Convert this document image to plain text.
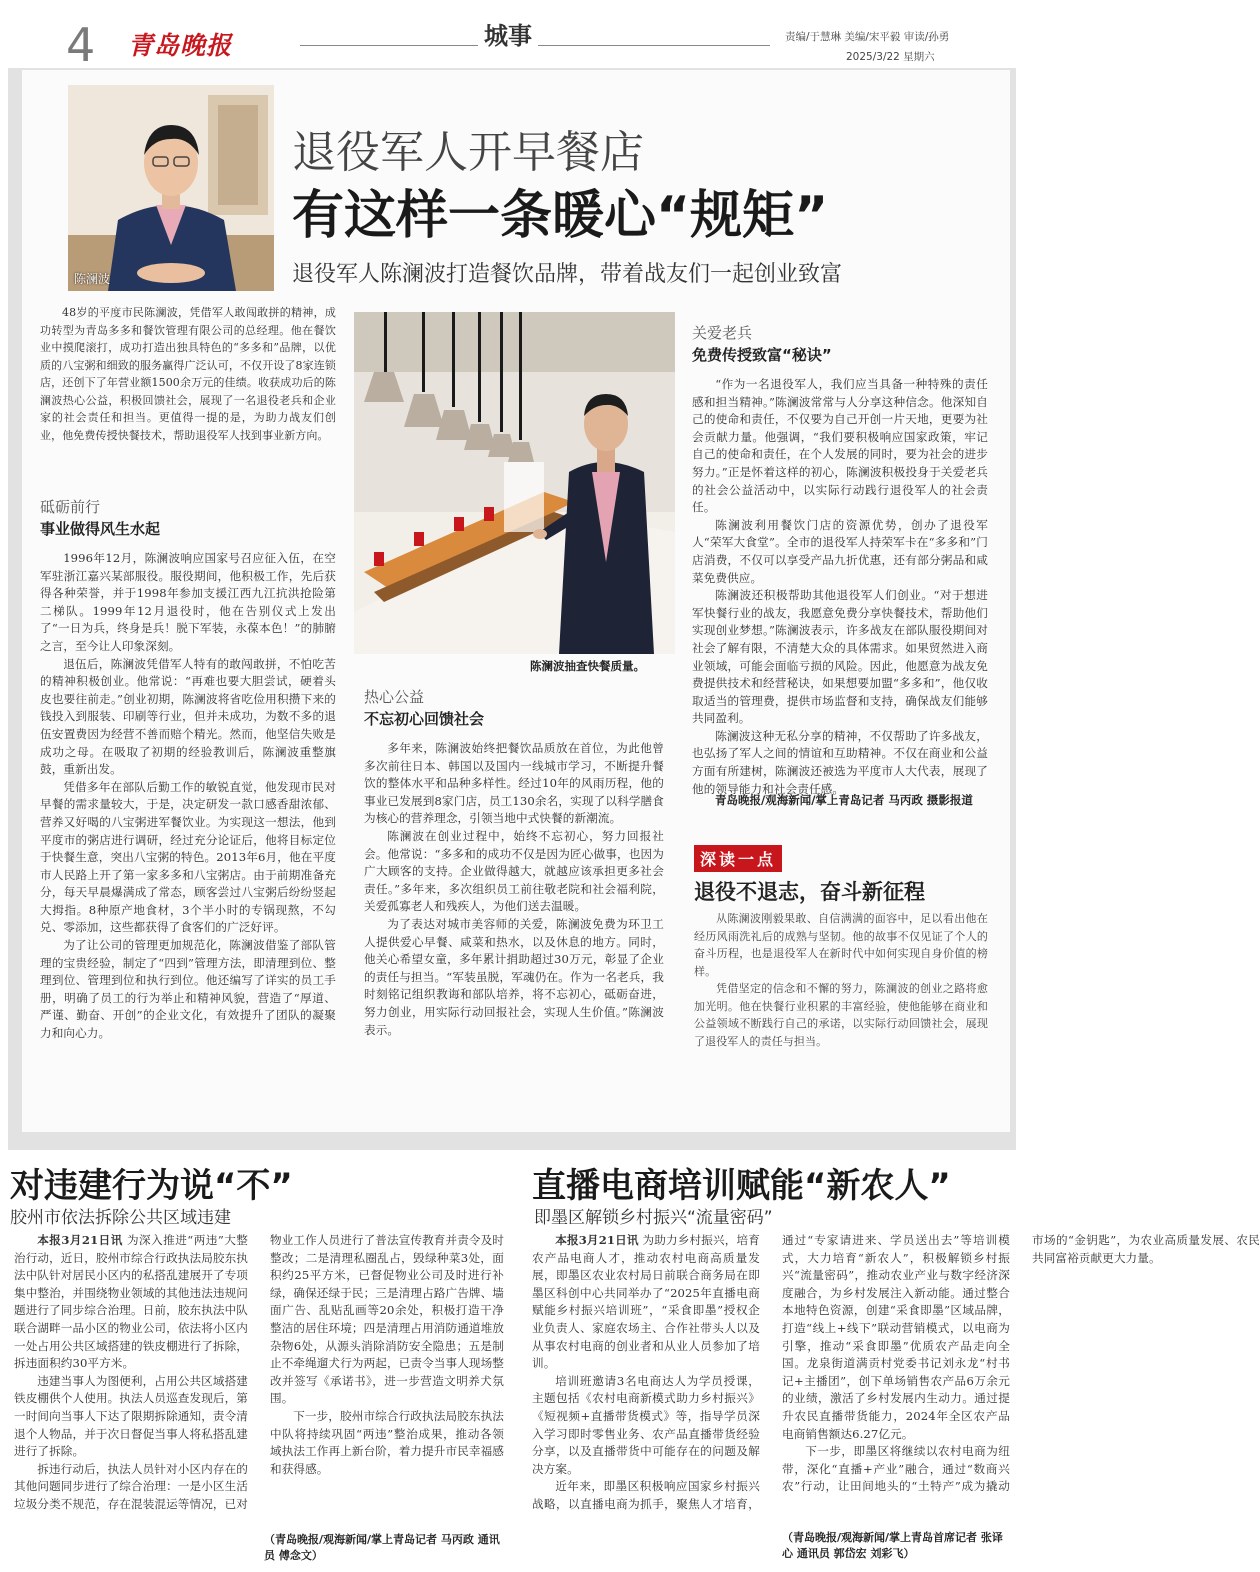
4 青岛晚报	城事	责编/于慧琳 美编/宋平毅 审读/孙勇
2025/3/22 星期六
陈澜波
退役军人开早餐店
有这样一条暖心“规矩”
退役军人陈澜波打造餐饮品牌，带着战友们一起创业致富

48岁的平度市民陈澜波，凭借军人敢闯敢拼的精神，成功转型为青岛多多和餐饮管理有限公司的总经理。他在餐饮业中摸爬滚打，成功打造出独具特色的“多多和”品牌，以优质的八宝粥和细致的服务赢得广泛认可，不仅开设了8家连锁店，还创下了年营业额1500余万元的佳绩。收获成功后的陈澜波热心公益，积极回馈社会，展现了一名退役老兵和企业家的社会责任和担当。更值得一提的是，为助力战友们创业，他免费传授快餐技术，帮助退役军人找到事业新方向。

砥砺前行
事业做得风生水起

1996年12月，陈澜波响应国家号召应征入伍，在空军驻浙江嘉兴某部服役。服役期间，他积极工作，先后获得各种荣誉，并于1998年参加支援江西九江抗洪抢险第二梯队。1999年12月退役时，他在告别仪式上发出了“一日为兵，终身是兵！脱下军装，永葆本色！”的肺腑之言，至今让人印象深刻。

退伍后，陈澜波凭借军人特有的敢闯敢拼，不怕吃苦的精神积极创业。他常说：“再难也要大胆尝试，硬着头皮也要往前走。”创业初期，陈澜波将省吃俭用积攒下来的钱投入到服装、印刷等行业，但并未成功，为数不多的退伍安置费因为经营不善而赔个精光。然而，他坚信失败是成功之母。在吸取了初期的经验教训后，陈澜波重整旗鼓，重新出发。

凭借多年在部队后勤工作的敏锐直觉，他发现市民对早餐的需求量较大，于是，决定研发一款口感香甜浓郁、营养又好喝的八宝粥进军餐饮业。为实现这一想法，他到平度市的粥店进行调研，经过充分论证后，他将目标定位于快餐生意，突出八宝粥的特色。2013年6月，他在平度市人民路上开了第一家多多和八宝粥店。由于前期准备充分，每天早晨爆满成了常态，顾客尝过八宝粥后纷纷竖起大拇指。8种原产地食材，3个半小时的专锅现熬，不勾兑、零添加，这些都获得了食客们的广泛好评。

为了让公司的管理更加规范化，陈澜波借鉴了部队管理的宝贵经验，制定了“四到”管理方法，即清理到位、整理到位、管理到位和执行到位。他还编写了详实的员工手册，明确了员工的行为举止和精神风貌，营造了“厚道、严谨、勤奋、开创”的企业文化，有效提升了团队的凝聚力和向心力。

陈澜波抽查快餐质量。
热心公益
不忘初心回馈社会

多年来，陈澜波始终把餐饮品质放在首位，为此他曾多次前往日本、韩国以及国内一线城市学习，不断提升餐饮的整体水平和品种多样性。经过10年的风雨历程，他的事业已发展到8家门店，员工130余名，实现了以科学膳食为核心的营养理念，引领当地中式快餐的新潮流。

陈澜波在创业过程中，始终不忘初心，努力回报社会。他常说：“多多和的成功不仅是因为匠心做事，也因为广大顾客的支持。企业做得越大，就越应该承担更多社会责任。”多年来，多次组织员工前往敬老院和社会福利院，关爱孤寡老人和残疾人，为他们送去温暖。

为了表达对城市美容师的关爱，陈澜波免费为环卫工人提供爱心早餐、咸菜和热水，以及休息的地方。同时，他关心希望女童，多年累计捐助超过30万元，彰显了企业的责任与担当。“军装虽脱，军魂仍在。作为一名老兵，我时刻铭记组织教诲和部队培养，将不忘初心，砥砺奋进，努力创业，用实际行动回报社会，实现人生价值。”陈澜波表示。

关爱老兵
免费传授致富“秘诀”

“作为一名退役军人，我们应当具备一种特殊的责任感和担当精神。”陈澜波常常与人分享这种信念。他深知自己的使命和责任，不仅要为自己开创一片天地，更要为社会贡献力量。他强调，“我们要积极响应国家政策，牢记自己的使命和责任，在个人发展的同时，要为社会的进步努力。”正是怀着这样的初心，陈澜波积极投身于关爱老兵的社会公益活动中，以实际行动践行退役军人的社会责任。

陈澜波利用餐饮门店的资源优势，创办了退役军人“荣军大食堂”。全市的退役军人持荣军卡在“多多和”门店消费，不仅可以享受产品九折优惠，还有部分粥品和咸菜免费供应。

陈澜波还积极帮助其他退役军人们创业。“对于想进军快餐行业的战友，我愿意免费分享快餐技术，帮助他们实现创业梦想。”陈澜波表示，许多战友在部队服役期间对社会了解有限，不清楚大众的具体需求。如果贸然进入商业领域，可能会面临亏损的风险。因此，他愿意为战友免费提供技术和经营秘诀，如果想要加盟“多多和”，他仅收取适当的管理费，提供市场监督和支持，确保战友们能够共同盈利。

陈澜波这种无私分享的精神，不仅帮助了许多战友，也弘扬了军人之间的情谊和互助精神。不仅在商业和公益方面有所建树，陈澜波还被选为平度市人大代表，展现了他的领导能力和社会责任感。

青岛晚报/观海新闻/掌上青岛记者 马丙政 摄影报道
深读一点
退役不退志，奋斗新征程

从陈澜波刚毅果敢、自信满满的面容中，足以看出他在经历风雨洗礼后的成熟与坚韧。他的故事不仅见证了个人的奋斗历程，也是退役军人在新时代中如何实现自身价值的榜样。

凭借坚定的信念和不懈的努力，陈澜波的创业之路将愈加光明。他在快餐行业积累的丰富经验，使他能够在商业和公益领域不断践行自己的承诺，以实际行动回馈社会，展现了退役军人的责任与担当。

对违建行为说“不”
胶州市依法拆除公共区域违建

本报3月21日讯 为深入推进“两违”大整治行动，近日，胶州市综合行政执法局胶东执法中队针对居民小区内的私搭乱建展开了专项集中整治，并围绕物业领域的其他违法违规问题进行了同步综合治理。日前，胶东执法中队联合湖畔一品小区的物业公司，依法将小区内一处占用公共区域搭建的铁皮棚进行了拆除，拆违面积约30平方米。

违建当事人为图便利，占用公共区域搭建铁皮棚供个人使用。执法人员巡查发现后，第一时间向当事人下达了限期拆除通知，责令清退个人物品，并于次日督促当事人将私搭乱建进行了拆除。

拆违行动后，执法人员针对小区内存在的其他问题同步进行了综合治理：一是小区生活垃圾分类不规范，存在混装混运等情况，已对物业工作人员进行了普法宣传教育并责令及时整改；二是清理私圈乱占，毁绿种菜3处，面积约25平方米，已督促物业公司及时进行补绿，确保还绿于民；三是清理占路广告牌、墙面广告、乱贴乱画等20余处，积极打造干净整洁的居住环境；四是清理占用消防通道堆放杂物6处，从源头消除消防安全隐患；五是制止不牵绳遛犬行为两起，已责令当事人现场整改并签写《承诺书》，进一步营造文明养犬氛围。

下一步，胶州市综合行政执法局胶东执法中队将持续巩固“两违”整治成果，推动各领域执法工作再上新台阶，着力提升市民幸福感和获得感。

（青岛晚报/观海新闻/掌上青岛记者 马丙政 通讯员 傅念文）
直播电商培训赋能“新农人”
即墨区解锁乡村振兴“流量密码”

本报3月21日讯 为助力乡村振兴，培育农产品电商人才，推动农村电商高质量发展，即墨区农业农村局日前联合商务局在即墨区科创中心共同举办了“2025年直播电商赋能乡村振兴培训班”，“采食即墨”授权企业负责人、家庭农场主、合作社带头人以及从事农村电商的创业者和从业人员参加了培训。

培训班邀请3名电商达人为学员授课，主题包括《农村电商新模式助力乡村振兴》《短视频+直播带货模式》等，指导学员深入学习即时零售业务、农产品直播带货经验分享，以及直播带货中可能存在的问题及解决方案。

近年来，即墨区积极响应国家乡村振兴战略，以直播电商为抓手，聚焦人才培育，通过“专家请进来、学员送出去”等培训模式，大力培育“新农人”，积极解锁乡村振兴“流量密码”，推动农业产业与数字经济深度融合，为乡村发展注入新动能。通过整合本地特色资源，创建“采食即墨”区域品牌，打造“线上+线下”联动营销模式，以电商为引擎，推动“采食即墨”优质农产品走向全国。龙泉街道满贡村党委书记刘永龙“村书记+主播团”，创下单场销售农产品6万余元的业绩，激活了乡村发展内生动力。通过提升农民直播带货能力，2024年全区农产品电商销售额达6.27亿元。

下一步，即墨区将继续以农村电商为纽带，深化“直播+产业”融合，通过“数商兴农”行动，让田间地头的“土特产”成为撬动市场的“金钥匙”，为农业高质量发展、农民共同富裕贡献更大力量。

（青岛晚报/观海新闻/掌上青岛首席记者 张译心 通讯员 郭岱宏 刘彩飞）
